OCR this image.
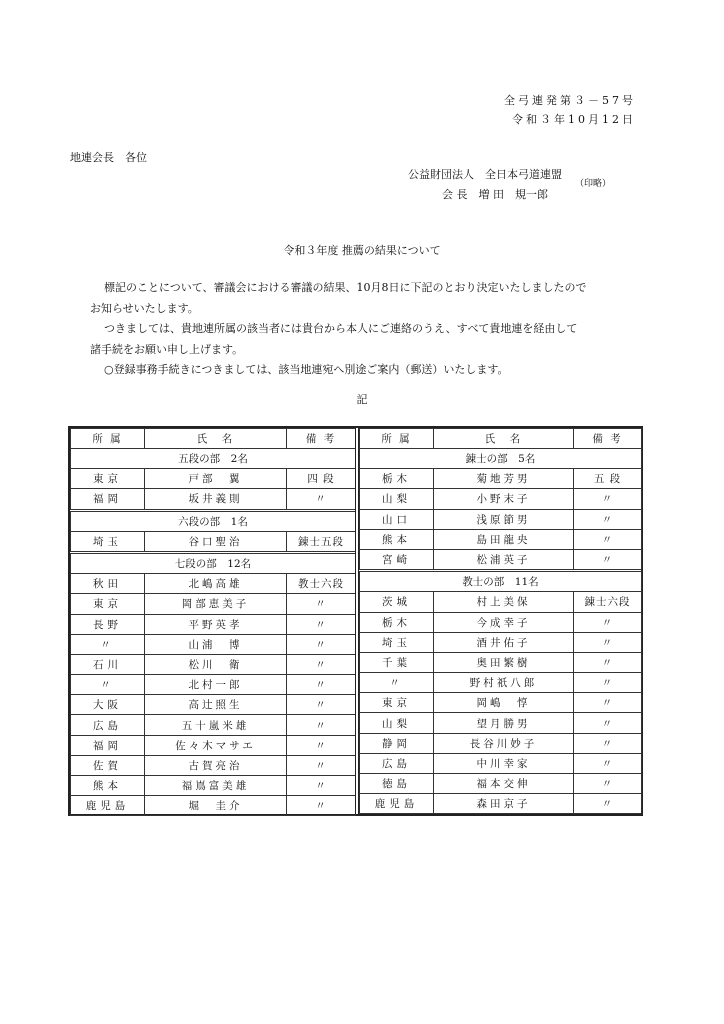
全弓連発第３－57号
令和３年10月12日
地連会長　各位
公益財団法人　全日本弓道連盟
会 長　増 田　規一郎
（印略）
令和３年度 推薦の結果について

標記のことについて、審議会における審議の結果、10月8日に下記のとおり決定いたしましたので

お知らせいたします。

つきましては、貴地連所属の該当者には貴台から本人にご連絡のうえ、すべて貴地連を経由して

諸手続をお願い申し上げます。

○登録事務手続きにつきましては、該当地連宛へ別途ご案内（郵送）いたします。

記
所 属	氏　名	備 考
五段の部　2名		
東京	戸部　翼	四 段
福岡	坂井義則	〃
六段の部　1名		
埼玉	谷口聖治	錬士五段
七段の部　12名		
秋田	北嶋高雄	教士六段
東京	岡部恵美子	〃
長野	平野英孝	〃
〃	山浦　博	〃
石川	松川　衛	〃
〃	北村一郎	〃
大阪	高辻照生	〃
広島	五十嵐米雄	〃
福岡	佐々木マサエ	〃
佐賀	古賀亮治	〃
熊本	福嶌富美雄	〃
鹿児島	堀　圭介	〃
所 属	氏　名	備 考
錬士の部　5名		
栃木	菊地芳男	五 段
山梨	小野末子	〃
山口	浅原節男	〃
熊本	島田龍央	〃
宮崎	松浦英子	〃
教士の部　11名		
茨城	村上美保	錬士六段
栃木	今成幸子	〃
埼玉	酒井佑子	〃
千葉	奥田繁樹	〃
〃	野村祇八郎	〃
東京	岡嶋　惇	〃
山梨	望月勝男	〃
静岡	長谷川妙子	〃
広島	中川幸家	〃
徳島	福本交伸	〃
鹿児島	森田京子	〃
